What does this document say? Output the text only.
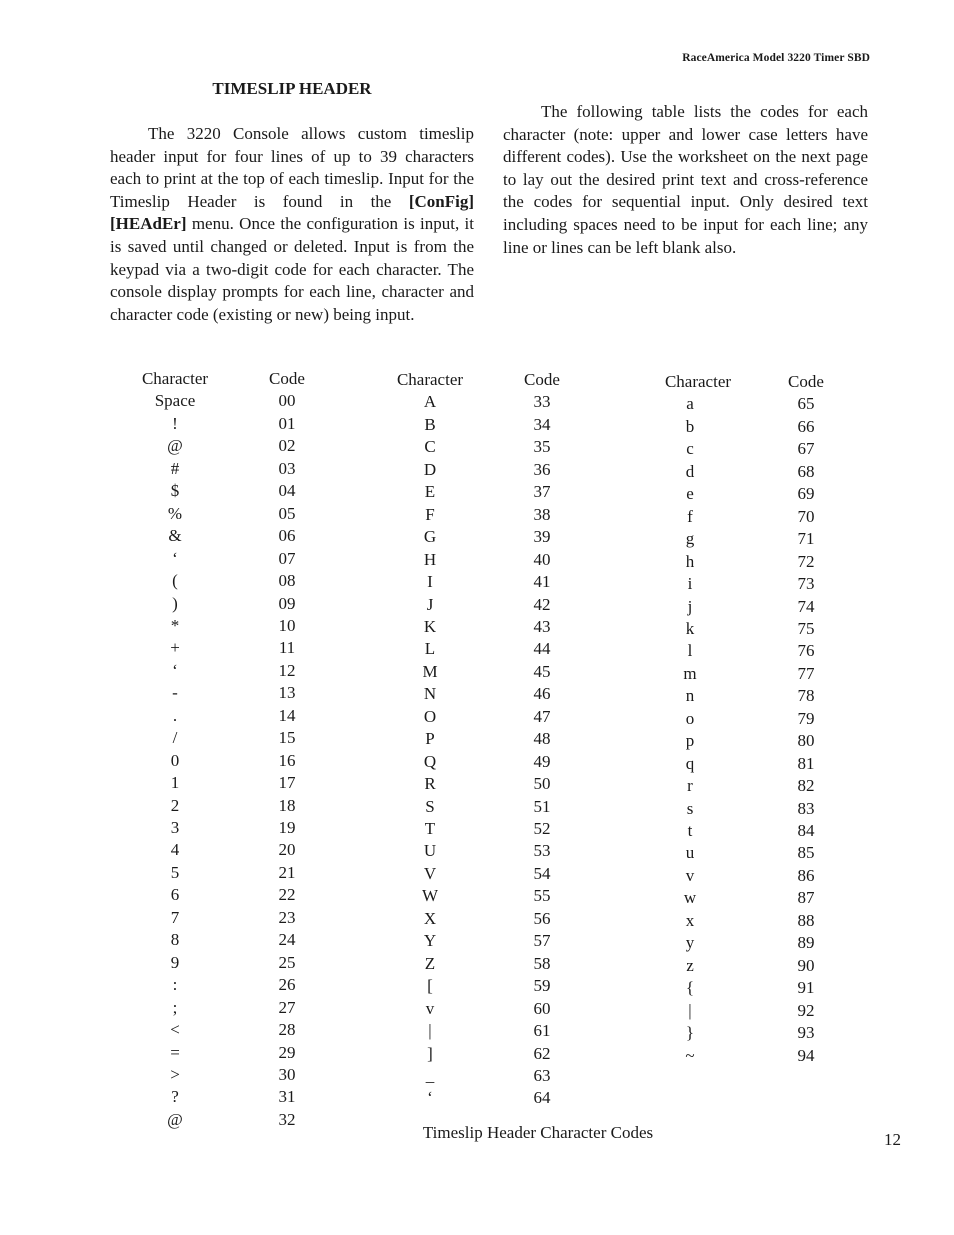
RaceAmerica Model 3220 Timer SBD
TIMESLIP HEADER

The 3220 Console allows custom timeslip header input for four lines of up to 39 characters each to print at the top of each timeslip. Input for the Timeslip Header is found in the [ConFig] [HEAdEr] menu. Once the configuration is input, it is saved until changed or deleted. Input is from the keypad via a two-digit code for each character. The console display prompts for each line, character and character code (existing or new) being input.

The following table lists the codes for each character (note: upper and lower case letters have different codes). Use the worksheet on the next page to lay out the desired print text and cross-reference the codes for sequential input. Only desired text including spaces need to be input for each line; any line or lines can be left blank also.

Character	Code
Space	00
!	01
@	02
#	03
$	04
%	05
&	06
‘	07
(	08
)	09
*	10
+	11
‘	12
-	13
.	14
/	15
0	16
1	17
2	18
3	19
4	20
5	21
6	22
7	23
8	24
9	25
:	26
;	27
<	28
=	29
>	30
?	31
@	32
Character	Code
A	33
B	34
C	35
D	36
E	37
F	38
G	39
H	40
I	41
J	42
K	43
L	44
M	45
N	46
O	47
P	48
Q	49
R	50
S	51
T	52
U	53
V	54
W	55
X	56
Y	57
Z	58
[	59
v	60
|	61
]	62
_	63
‘	64
Character	Code
a	65
b	66
c	67
d	68
e	69
f	70
g	71
h	72
i	73
j	74
k	75
l	76
m	77
n	78
o	79
p	80
q	81
r	82
s	83
t	84
u	85
v	86
w	87
x	88
y	89
z	90
{	91
|	92
}	93
~	94
Timeslip Header Character Codes	12
